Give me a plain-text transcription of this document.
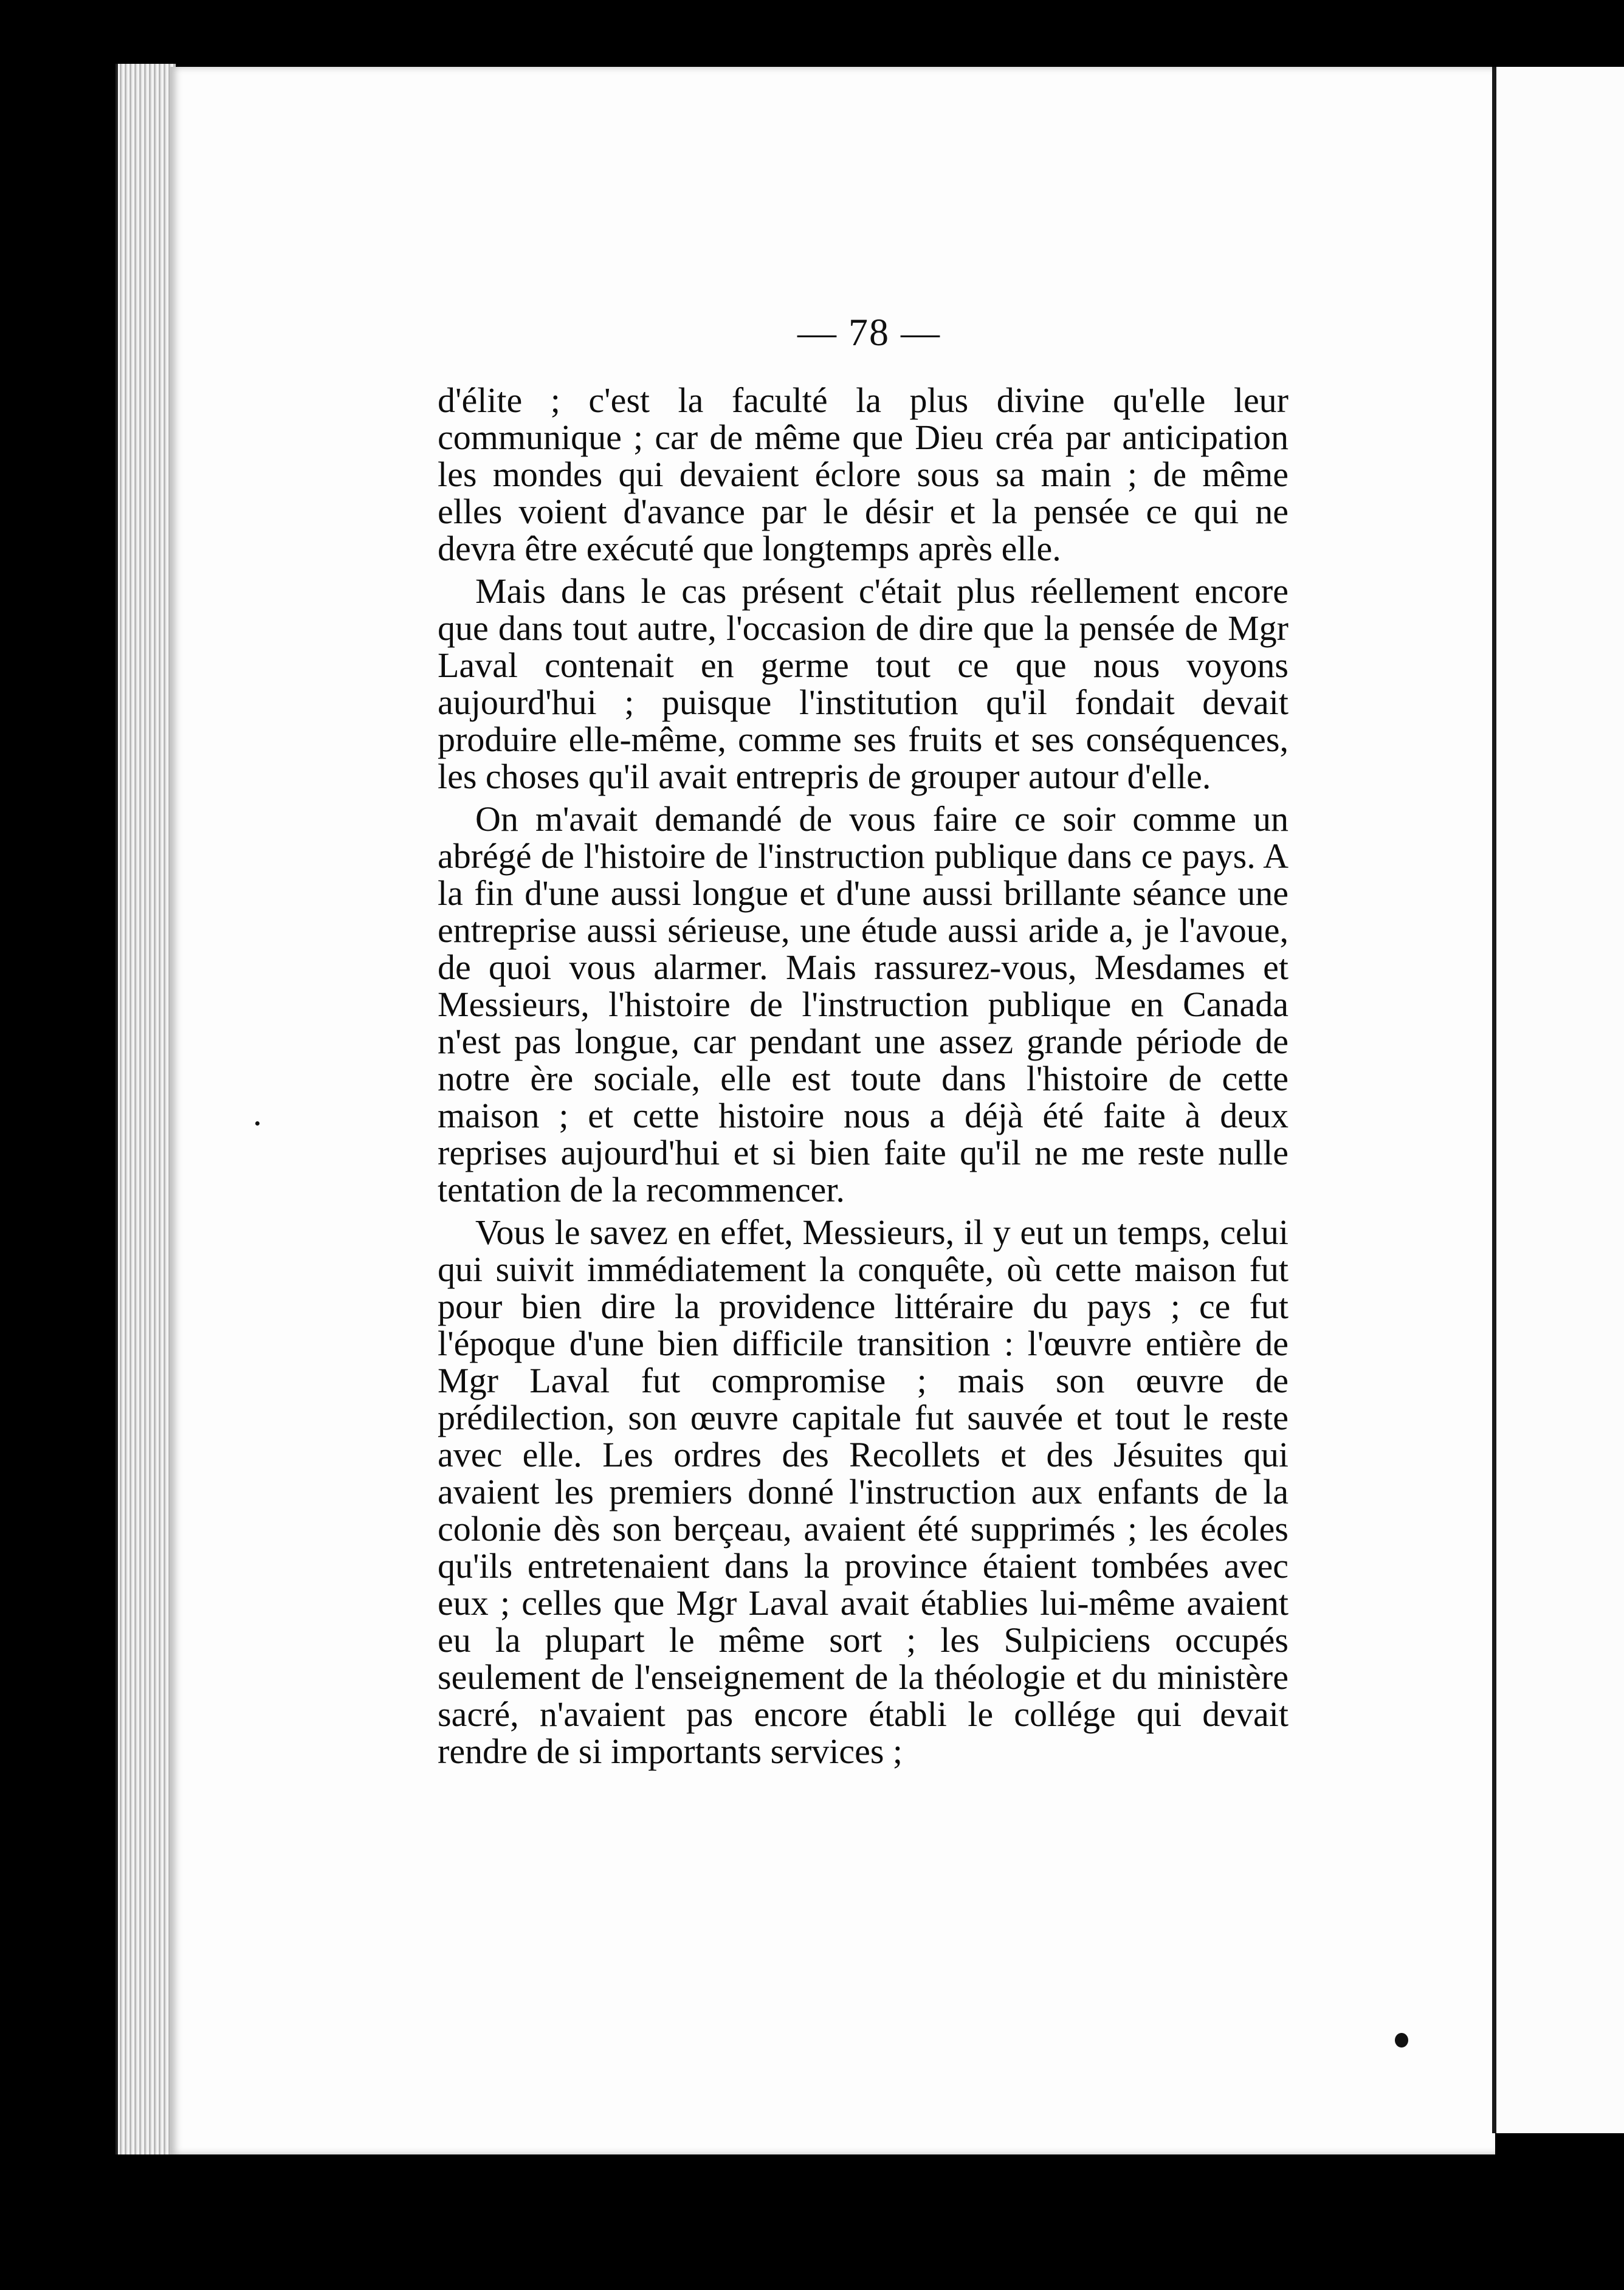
— 78 —

d'élite ; c'est la faculté la plus divine qu'elle leur communique ; car de même que Dieu créa par anticipation les mondes qui devaient éclore sous sa main ; de même elles voient d'avance par le désir et la pensée ce qui ne devra être exécuté que longtemps après elle.

Mais dans le cas présent c'était plus réellement encore que dans tout autre, l'occasion de dire que la pensée de Mgr Laval contenait en germe tout ce que nous voyons aujourd'hui ; puisque l'institution qu'il fondait devait produire elle-même, comme ses fruits et ses conséquences, les choses qu'il avait entrepris de grouper autour d'elle.

On m'avait demandé de vous faire ce soir comme un abrégé de l'histoire de l'instruction publique dans ce pays. A la fin d'une aussi longue et d'une aussi brillante séance une entreprise aussi sérieuse, une étude aussi aride a, je l'avoue, de quoi vous alarmer. Mais rassurez-vous, Mesdames et Messieurs, l'histoire de l'instruction publique en Canada n'est pas longue, car pendant une assez grande période de notre ère sociale, elle est toute dans l'histoire de cette maison ; et cette histoire nous a déjà été faite à deux reprises aujourd'hui et si bien faite qu'il ne me reste nulle tentation de la recommencer.

Vous le savez en effet, Messieurs, il y eut un temps, celui qui suivit immédiatement la conquête, où cette maison fut pour bien dire la providence littéraire du pays ; ce fut l'époque d'une bien difficile transition : l'œuvre entière de Mgr Laval fut compromise ; mais son œuvre de prédilection, son œuvre capitale fut sauvée et tout le reste avec elle. Les ordres des Recollets et des Jésuites qui avaient les premiers donné l'instruction aux enfants de la colonie dès son berçeau, avaient été supprimés ; les écoles qu'ils entretenaient dans la province étaient tombées avec eux ; celles que Mgr Laval avait établies lui-même avaient eu la plupart le même sort ; les Sulpiciens occupés seulement de l'enseignement de la théologie et du ministère sacré, n'avaient pas encore établi le collége qui devait rendre de si importants services ;
